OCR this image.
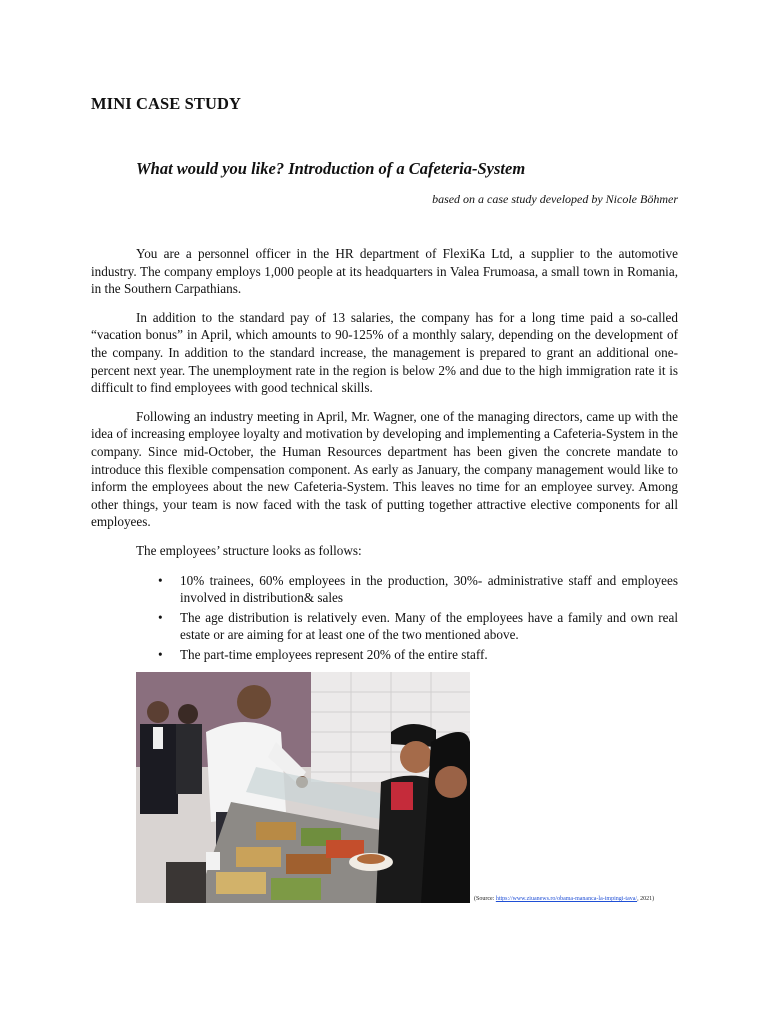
MINI CASE STUDY
What would you like? Introduction of a Cafeteria-System
based on a case study developed by Nicole Böhmer

You are a personnel officer in the HR department of FlexiKa Ltd, a supplier to the automotive industry. The company employs 1,000 people at its headquarters in Valea Frumoasa, a small town in Romania, in the Southern Carpathians.

In addition to the standard pay of 13 salaries, the company has for a long time paid a so-called “vacation bonus” in April, which amounts to 90-125% of a monthly salary, depending on the development of the company. In addition to the standard increase, the management is prepared to grant an additional one-percent next year. The unemployment rate in the region is below 2% and due to the high immigration rate it is difficult to find employees with good technical skills.

Following an industry meeting in April, Mr. Wagner, one of the managing directors, came up with the idea of increasing employee loyalty and motivation by developing and implementing a Cafeteria-System in the company. Since mid-October, the Human Resources department has been given the concrete mandate to introduce this flexible compensation component. As early as January, the company management would like to inform the employees about the new Cafeteria-System. This leaves no time for an employee survey. Among other things, your team is now faced with the task of putting together attractive elective components for all employees.

The employees’ structure looks as follows:

• 10% trainees, 60% employees in the production, 30%- administrative staff and employees involved in distribution& sales
• The age distribution is relatively even. Many of the employees have a family and own real estate or are aiming for at least one of the two mentioned above.
• The part-time employees represent 20% of the entire staff.
(Source: https://www.ziuanews.ro/obama-mananca-la-impingi-tava/, 2021)
